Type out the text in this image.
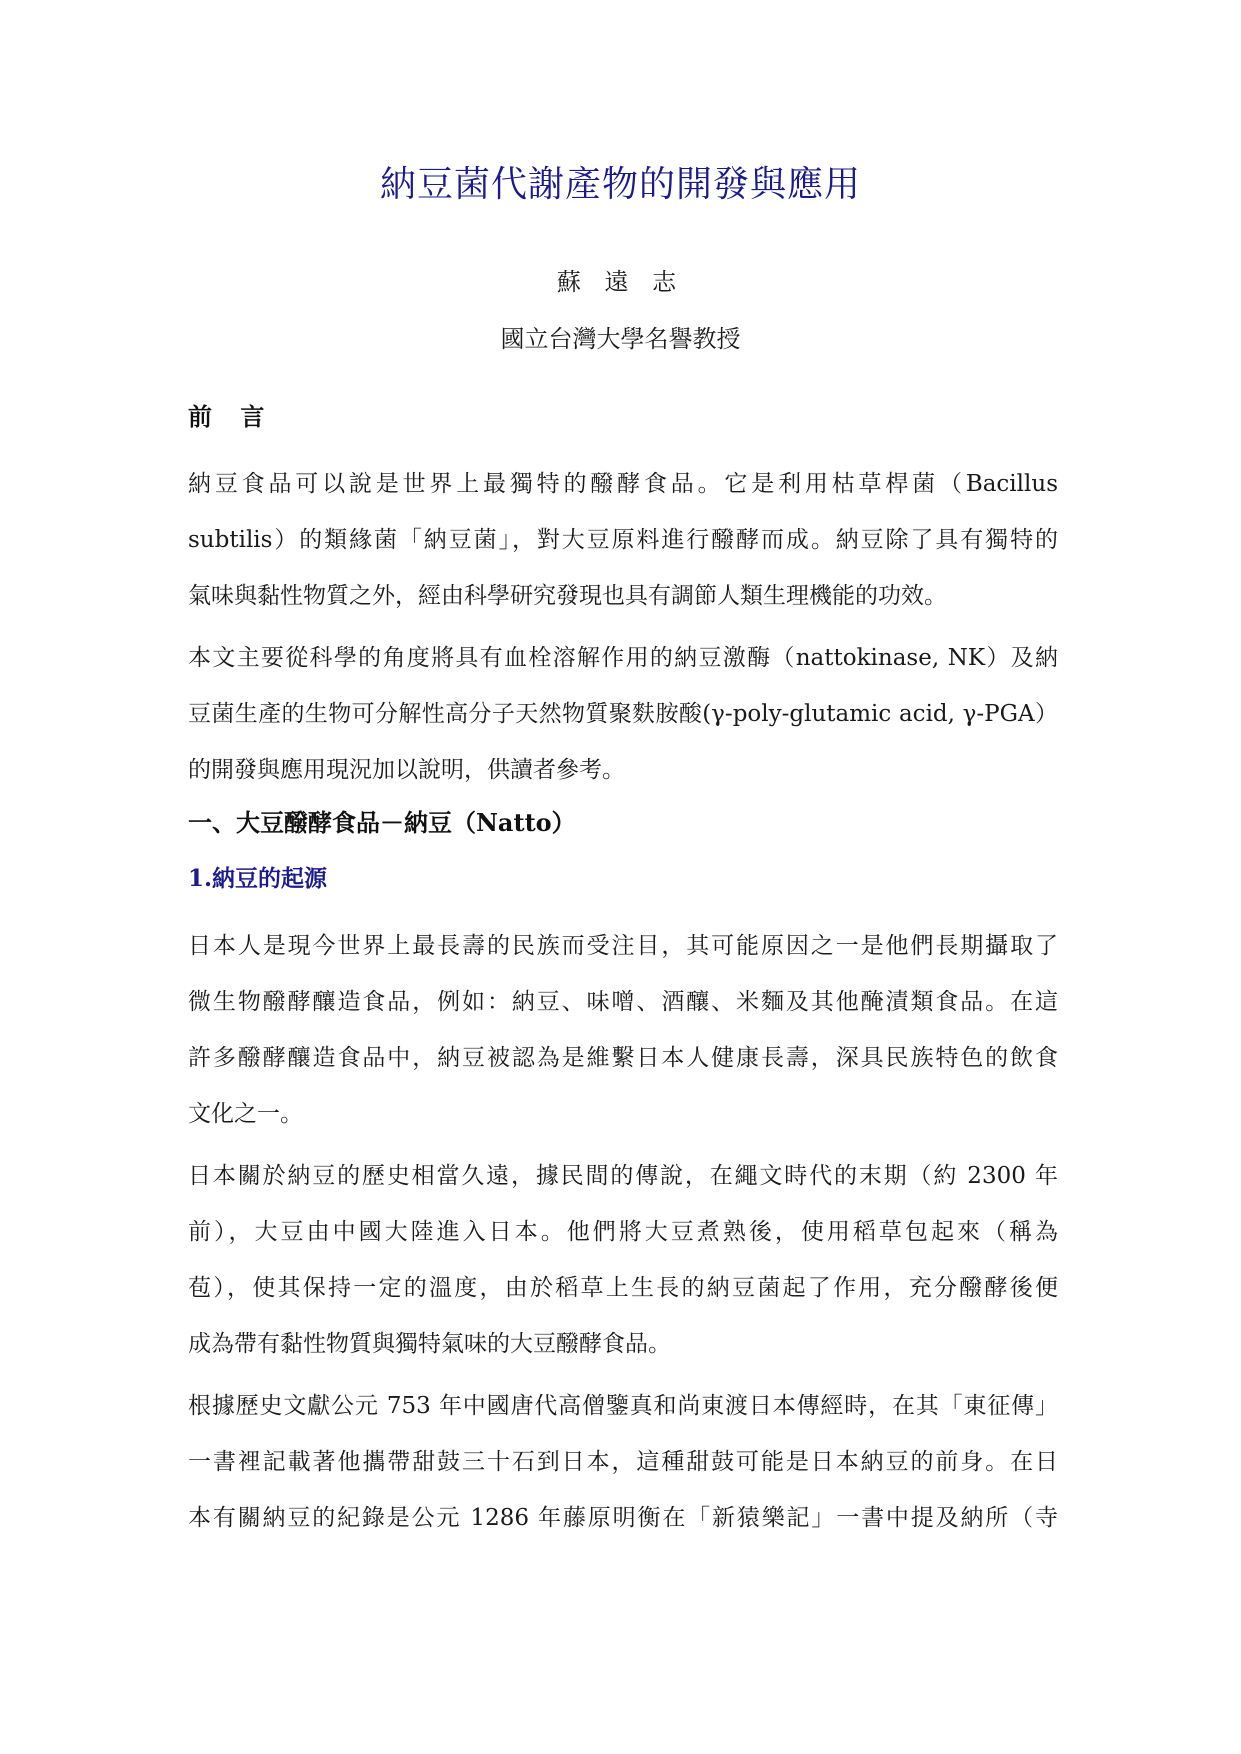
納豆菌代謝產物的開發與應用

蘇 遠 志

國立台灣大學名譽教授

前 言

納豆食品可以說是世界上最獨特的醱酵食品。它是利用枯草桿菌（Bacillus
subtilis）的類緣菌「納豆菌」，對大豆原料進行醱酵而成。納豆除了具有獨特的
氣味與黏性物質之外，經由科學研究發現也具有調節人類生理機能的功效。

本文主要從科學的角度將具有血栓溶解作用的納豆激酶（nattokinase, NK）及納
豆菌生產的生物可分解性高分子天然物質聚麩胺酸(γ-poly-glutamic acid, γ-PGA）
的開發與應用現況加以說明，供讀者參考。

一、大豆醱酵食品－納豆（Natto）
1.納豆的起源

日本人是現今世界上最長壽的民族而受注目，其可能原因之一是他們長期攝取了
微生物醱酵釀造食品，例如：納豆、味噌、酒釀、米麵及其他醃漬類食品。在這
許多醱酵釀造食品中，納豆被認為是維繫日本人健康長壽，深具民族特色的飲食
文化之一。

日本關於納豆的歷史相當久遠，據民間的傳說，在繩文時代的末期（約 2300 年
前），大豆由中國大陸進入日本。他們將大豆煮熟後，使用稻草包起來（稱為
苞），使其保持一定的溫度，由於稻草上生長的納豆菌起了作用，充分醱酵後便
成為帶有黏性物質與獨特氣味的大豆醱酵食品。

根據歷史文獻公元 753 年中國唐代高僧鑒真和尚東渡日本傳經時，在其「東征傳」
一書裡記載著他攜帶甜鼓三十石到日本，這種甜鼓可能是日本納豆的前身。在日
本有關納豆的紀錄是公元 1286 年藤原明衡在「新猿樂記」一書中提及納所（寺
